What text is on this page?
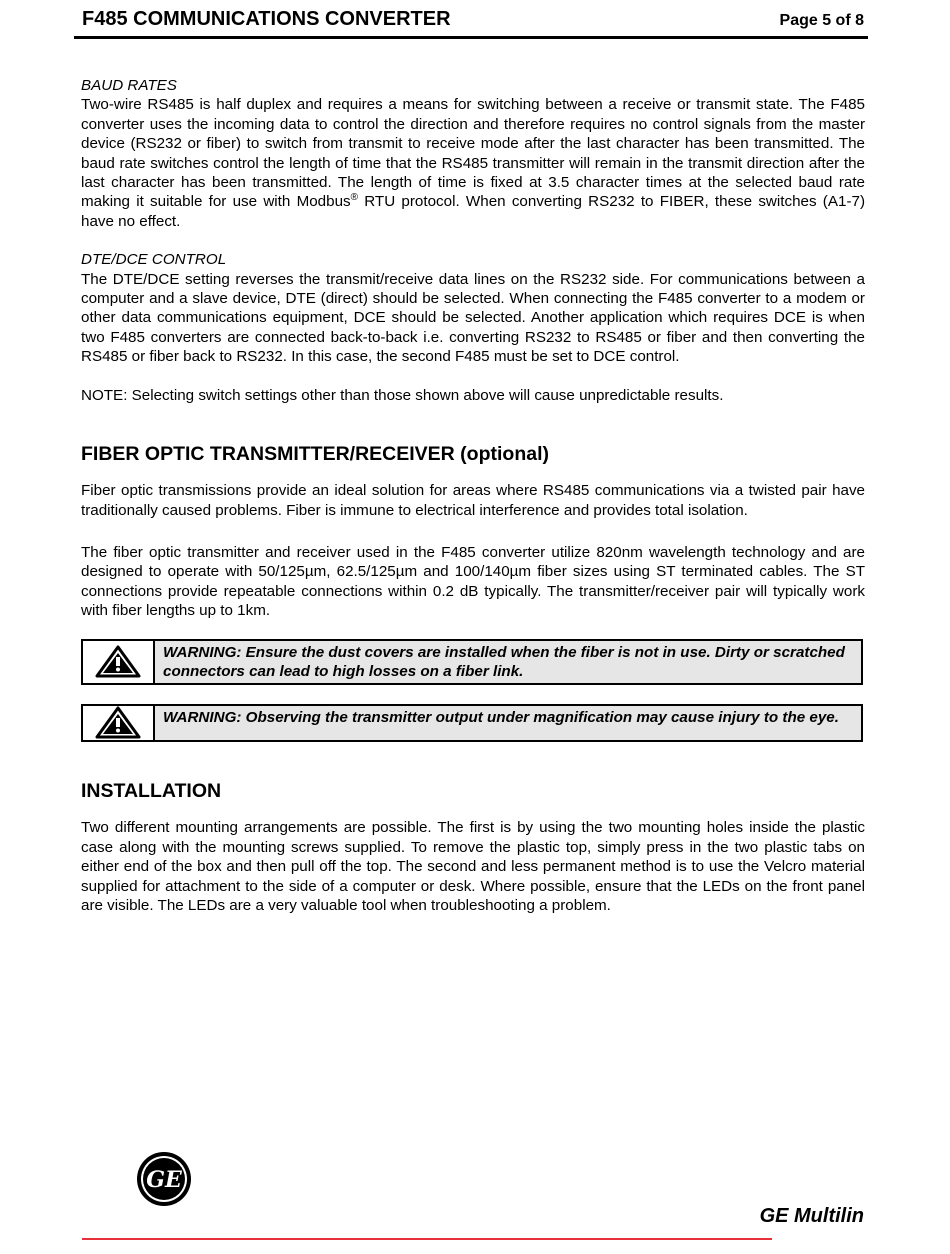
F485 COMMUNICATIONS CONVERTER	Page 5 of 8
BAUD RATES

Two-wire RS485 is half duplex and requires a means for switching between a receive or transmit state. The F485 converter uses the incoming data to control the direction and therefore requires no control signals from the master device (RS232 or fiber) to switch from transmit to receive mode after the last character has been transmitted. The baud rate switches control the length of time that the RS485 transmitter will remain in the transmit direction after the last character has been transmitted. The length of time is fixed at 3.5 character times at the selected baud rate making it suitable for use with Modbus® RTU protocol. When converting RS232 to FIBER, these switches (A1-7) have no effect.

DTE/DCE CONTROL

The DTE/DCE setting reverses the transmit/receive data lines on the RS232 side. For communications between a computer and a slave device, DTE (direct) should be selected. When connecting the F485 converter to a modem or other data communications equipment, DCE should be selected. Another application which requires DCE is when two F485 converters are connected back-to-back i.e. converting RS232 to RS485 or fiber and then converting the RS485 or fiber back to RS232. In this case, the second F485 must be set to DCE control.

NOTE: Selecting switch settings other than those shown above will cause unpredictable results.

FIBER OPTIC TRANSMITTER/RECEIVER (optional)

Fiber optic transmissions provide an ideal solution for areas where RS485 communications via a twisted pair have traditionally caused problems. Fiber is immune to electrical interference and provides total isolation.

The fiber optic transmitter and receiver used in the F485 converter utilize 820nm wavelength technology and are designed to operate with 50/125µm, 62.5/125µm and 100/140µm fiber sizes using ST terminated cables. The ST connections provide repeatable connections within 0.2 dB typically. The transmitter/receiver pair will typically work with fiber lengths up to 1km.

WARNING: Ensure the dust covers are installed when the fiber is not in use. Dirty or scratched connectors can lead to high losses on a fiber link.
WARNING: Observing the transmitter output under magnification may cause injury to the eye.
INSTALLATION

Two different mounting arrangements are possible. The first is by using the two mounting holes inside the plastic case along with the mounting screws supplied. To remove the plastic top, simply press in the two plastic tabs on either end of the box and then pull off the top. The second and less permanent method is to use the Velcro material supplied for attachment to the side of a computer or desk. Where possible, ensure that the LEDs on the front panel are visible. The LEDs are a very valuable tool when troubleshooting a problem.

GE
GE Multilin
